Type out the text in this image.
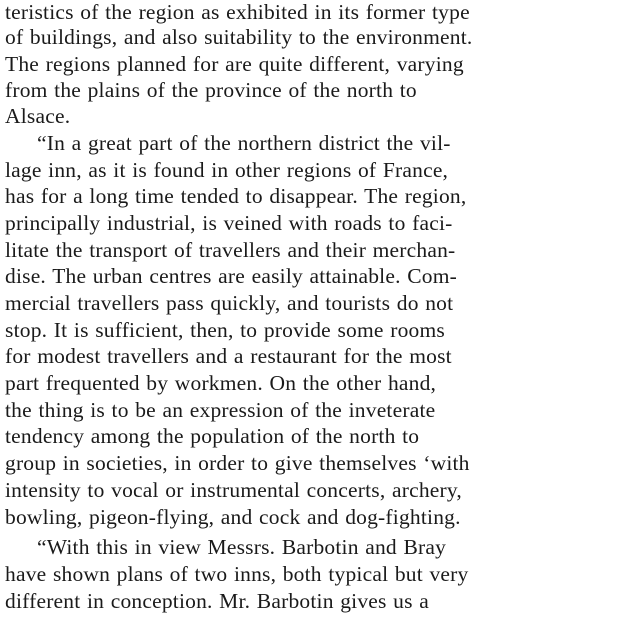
teristics of the region as exhibited in its former type
of buildings, and also suitability to the environment.
The regions planned for are quite different, varying
from the plains of the province of the north to
Alsace.
“In a great part of the northern district the vil-
lage inn, as it is found in other regions of France,
has for a long time tended to disappear. The region,
principally industrial, is veined with roads to faci-
litate the transport of travellers and their merchan-
dise. The urban centres are easily attainable. Com-
mercial travellers pass quickly, and tourists do not
stop. It is sufficient, then, to provide some rooms
for modest travellers and a restaurant for the most
part frequented by workmen. On the other hand,
the thing is to be an expression of the inveterate
tendency among the population of the north to
group in societies, in order to give themselves ‘with
intensity to vocal or instrumental concerts, archery,
bowling, pigeon-flying, and cock and dog-fighting.
“With this in view Messrs. Barbotin and Bray
have shown plans of two inns, both typical but very
different in conception. Mr. Barbotin gives us a
